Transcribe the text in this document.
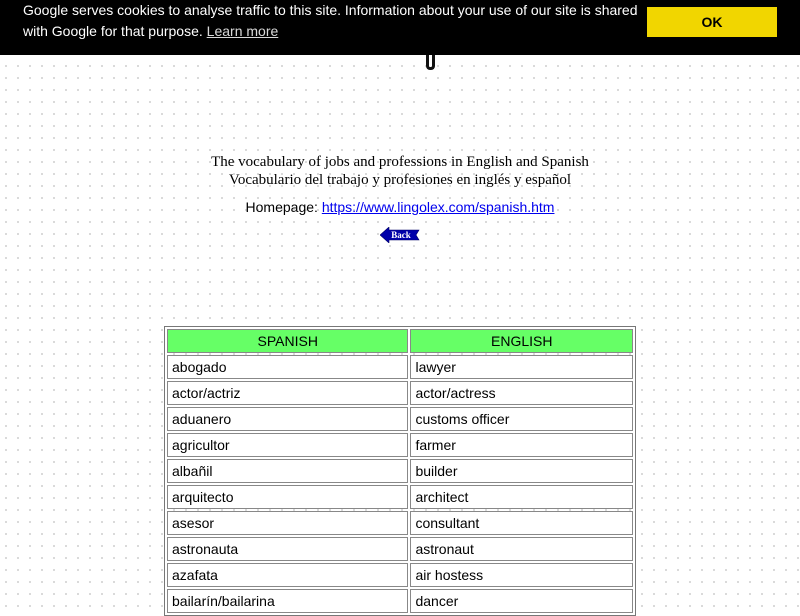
Google serves cookies to analyse traffic to this site. Information about your use of our site is shared with Google for that purpose. Learn more
OK
The vocabulary of jobs and professions in English and Spanish
Vocabulario del trabajo y profesiones en inglés y español
Homepage: https://www.lingolex.com/spanish.htm
Back
SPANISH	ENGLISH
abogado	lawyer
actor/actriz	actor/actress
aduanero	customs officer
agricultor	farmer
albañil	builder
arquitecto	architect
asesor	consultant
astronauta	astronaut
azafata	air hostess
bailarín/bailarina	dancer
